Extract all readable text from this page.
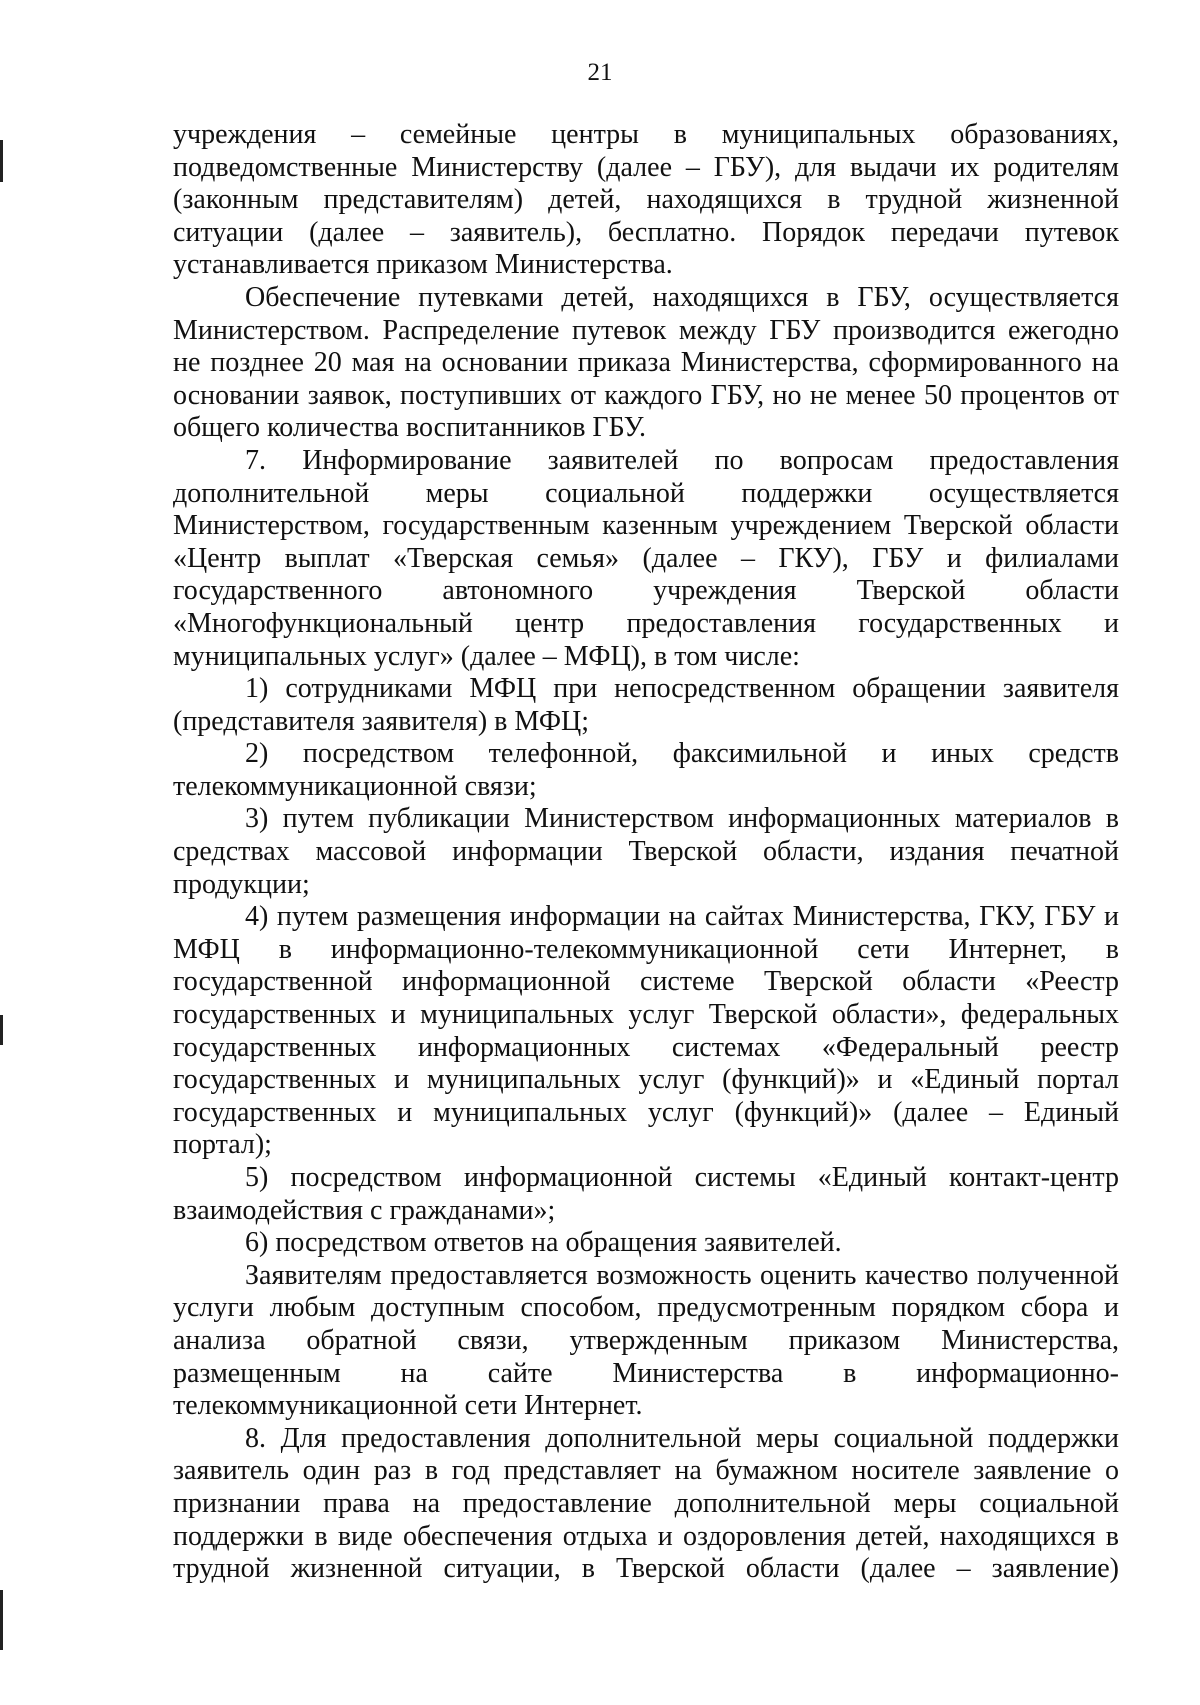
21

учреждения – семейные центры в муниципальных образованиях, подведомственные Министерству (далее – ГБУ), для выдачи их родителям (законным представителям) детей, находящихся в трудной жизненной ситуации (далее – заявитель), бесплатно. Порядок передачи путевок устанавливается приказом Министерства.

Обеспечение путевками детей, находящихся в ГБУ, осуществляется Министерством. Распределение путевок между ГБУ производится ежегодно не позднее 20 мая на основании приказа Министерства, сформированного на основании заявок, поступивших от каждого ГБУ, но не менее 50 процентов от общего количества воспитанников ГБУ.

7. Информирование заявителей по вопросам предоставления дополнительной меры социальной поддержки осуществляется Министерством, государственным казенным учреждением Тверской области «Центр выплат «Тверская семья» (далее – ГКУ), ГБУ и филиалами государственного автономного учреждения Тверской области «Многофункциональный центр предоставления государственных и муниципальных услуг» (далее – МФЦ), в том числе:

1) сотрудниками МФЦ при непосредственном обращении заявителя (представителя заявителя) в МФЦ;

2) посредством телефонной, факсимильной и иных средств телекоммуникационной связи;

3) путем публикации Министерством информационных материалов в средствах массовой информации Тверской области, издания печатной продукции;

4) путем размещения информации на сайтах Министерства, ГКУ, ГБУ и МФЦ в информационно-телекоммуникационной сети Интернет, в государственной информационной системе Тверской области «Реестр государственных и муниципальных услуг Тверской области», федеральных государственных информационных системах «Федеральный реестр государственных и муниципальных услуг (функций)» и «Единый портал государственных и муниципальных услуг (функций)» (далее – Единый портал);

5) посредством информационной системы «Единый контакт-центр взаимодействия с гражданами»;

6) посредством ответов на обращения заявителей.

Заявителям предоставляется возможность оценить качество полученной услуги любым доступным способом, предусмотренным порядком сбора и анализа обратной связи, утвержденным приказом Министерства, размещенным на сайте Министерства в информационно-телекоммуникационной сети Интернет.

8. Для предоставления дополнительной меры социальной поддержки заявитель один раз в год представляет на бумажном носителе заявление о признании права на предоставление дополнительной меры социальной поддержки в виде обеспечения отдыха и оздоровления детей, находящихся в трудной жизненной ситуации, в Тверской области (далее – заявление)
